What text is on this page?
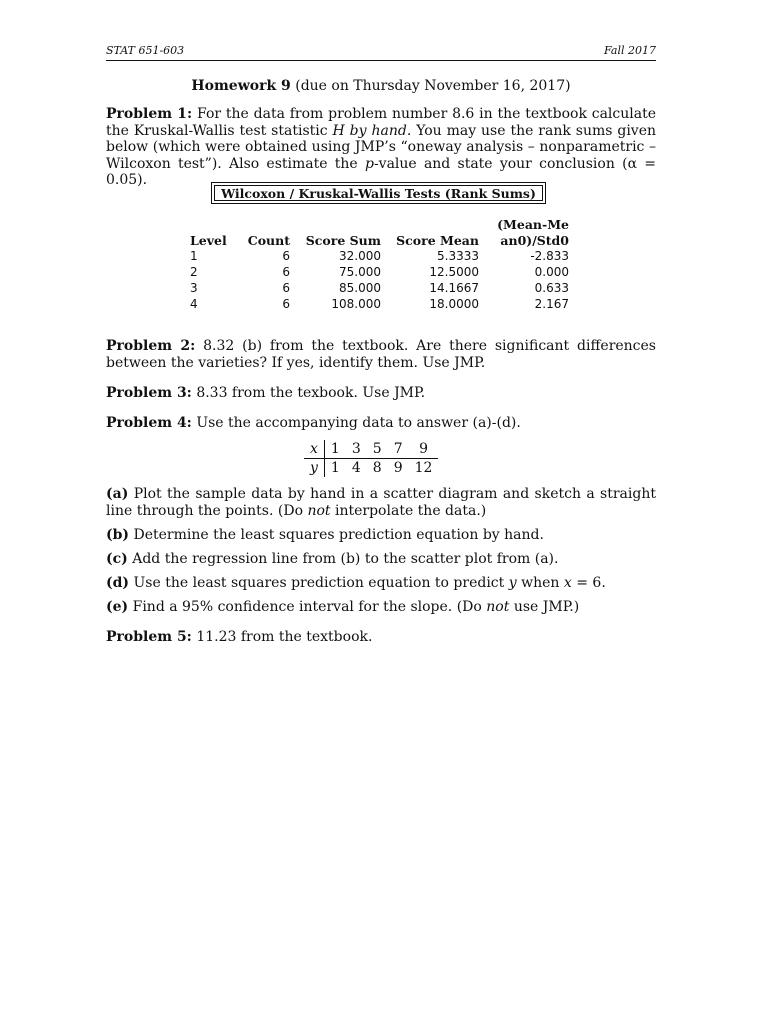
STAT 651-603	Fall 2017
Homework 9 (due on Thursday November 16, 2017)
Problem 1: For the data from problem number 8.6 in the textbook calculate the Kruskal-Wallis test statistic H by hand. You may use the rank sums given below (which were obtained using JMP’s “oneway analysis – nonparametric – Wilcoxon test”). Also estimate the p-value and state your conclusion (α = 0.05).
Wilcoxon / Kruskal-Wallis Tests (Rank Sums)
Level	Count	Score Sum	Score Mean	(Mean-Me
an0)/Std0

1	6	32.000	5.3333	-2.833
2	6	75.000	12.5000	0.000
3	6	85.000	14.1667	0.633
4	6	108.000	18.0000	2.167
Problem 2: 8.32 (b) from the textbook. Are there significant differences between the varieties? If yes, identify them. Use JMP.
Problem 3: 8.33 from the texbook. Use JMP.
Problem 4: Use the accompanying data to answer (a)-(d).
x	1	3	5	7	9
y	1	4	8	9	12
(a) Plot the sample data by hand in a scatter diagram and sketch a straight line through the points. (Do not interpolate the data.)
(b) Determine the least squares prediction equation by hand.
(c) Add the regression line from (b) to the scatter plot from (a).
(d) Use the least squares prediction equation to predict y when x = 6.
(e) Find a 95% confidence interval for the slope. (Do not use JMP.)
Problem 5: 11.23 from the textbook.
